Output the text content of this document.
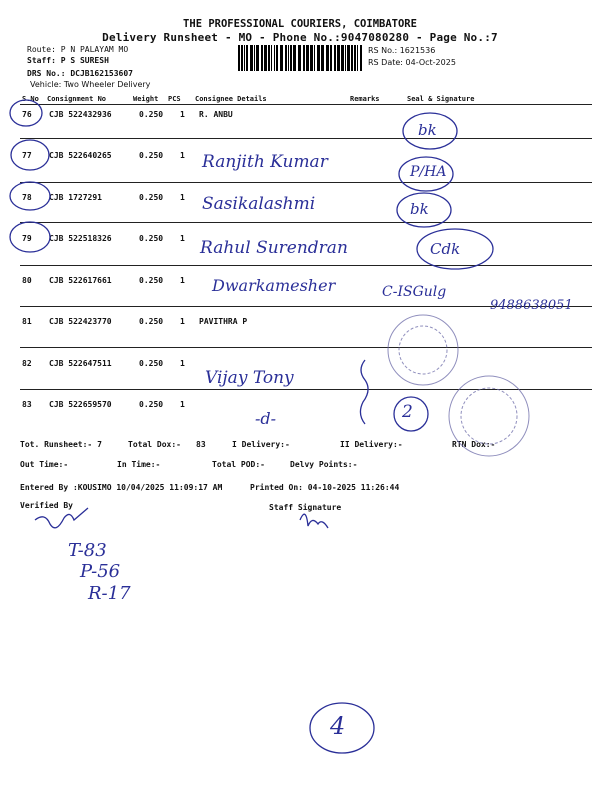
THE PROFESSIONAL COURIERS, COIMBATORE
Delivery Runsheet - MO - Phone No.:9047080280 - Page No.:7
Route: P N PALAYAM MO
Staff: P S SURESH
DRS No.: DCJB162153607
Vehicle: Two Wheeler Delivery
RS No.: 1621536
RS Date: 04-Oct-2025
S.No Consignment No	Weight PCS Consignee Details	Remarks	Seal & Signature
76 CJB 522432936	0.250 1 R. ANBU
77 CJB 522640265	0.250 1
78 CJB 1727291	0.250 1
79 CJB 522518326	0.250 1
80 CJB 522617661	0.250 1
81 CJB 522423770	0.250 1 PAVITHRA P
82 CJB 522647511	0.250 1
83 CJB 522659570	0.250 1
Tot. Runsheet:- 7	Total Dox:- 83	I Delivery:-	II Delivery:-	RTN Dox:-
Out Time:-	In Time:-	Total POD:-	Delvy Points:-
Entered By :KOUSIMO 10/04/2025 11:09:17 AM	Printed On: 04-10-2025 11:26:44
Verified By	Staff Signature
bk
Ranjith Kumar	P/HA
Sasikalashmi	bk
Rahul Surendran	Cdk
Dwarkamesher	C-ISGulg
9488638051
Vijay Tony
-d-	2
T-83
P-56
R-17
4
